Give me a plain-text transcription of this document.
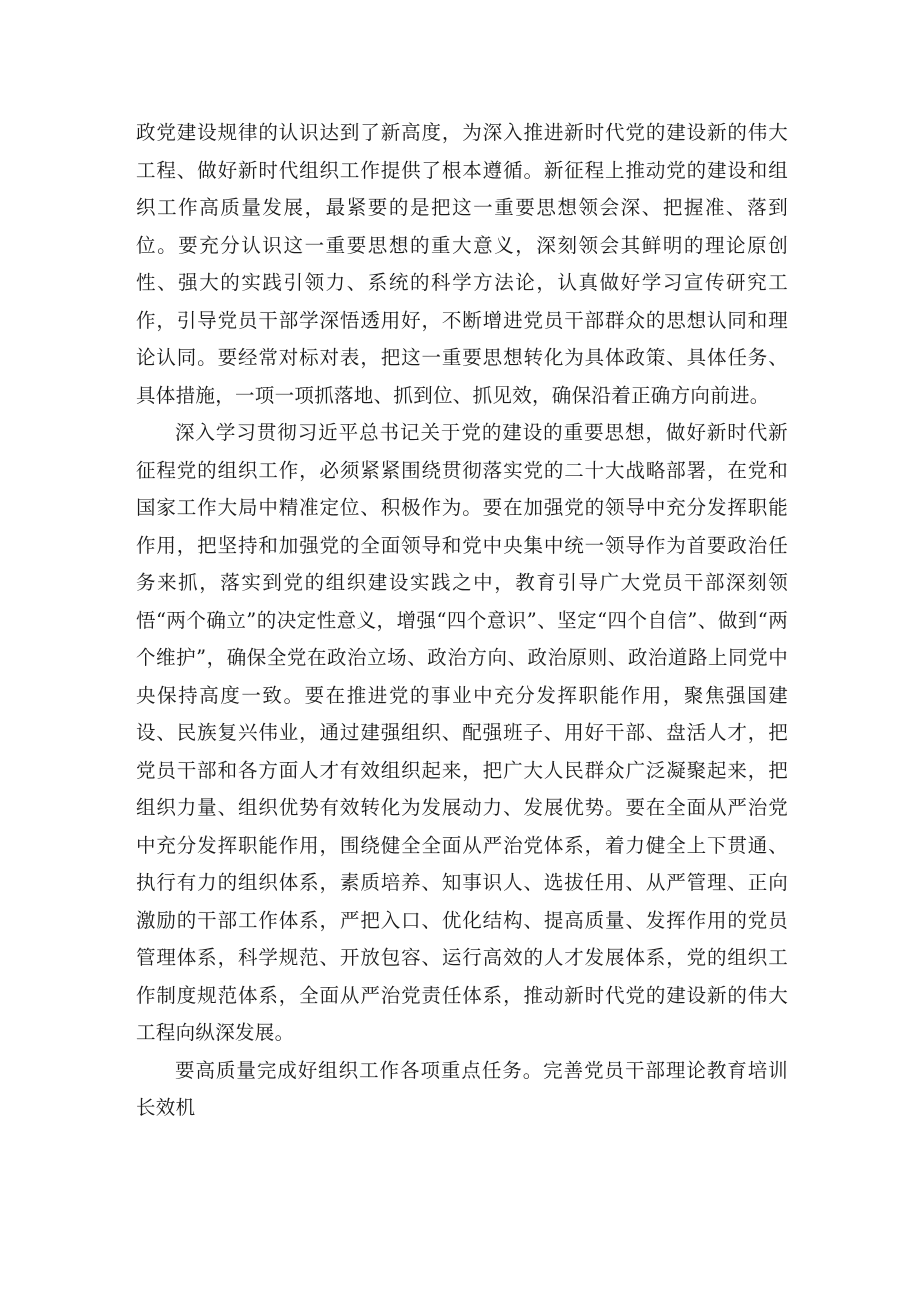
政党建设规律的认识达到了新高度，为深入推进新时代党的建设新的伟大工程、做好新时代组织工作提供了根本遵循。新征程上推动党的建设和组织工作高质量发展，最紧要的是把这一重要思想领会深、把握准、落到位。要充分认识这一重要思想的重大意义，深刻领会其鲜明的理论原创性、强大的实践引领力、系统的科学方法论，认真做好学习宣传研究工作，引导党员干部学深悟透用好，不断增进党员干部群众的思想认同和理论认同。要经常对标对表，把这一重要思想转化为具体政策、具体任务、具体措施，一项一项抓落地、抓到位、抓见效，确保沿着正确方向前进。

深入学习贯彻习近平总书记关于党的建设的重要思想，做好新时代新征程党的组织工作，必须紧紧围绕贯彻落实党的二十大战略部署，在党和国家工作大局中精准定位、积极作为。要在加强党的领导中充分发挥职能作用，把坚持和加强党的全面领导和党中央集中统一领导作为首要政治任务来抓，落实到党的组织建设实践之中，教育引导广大党员干部深刻领悟“两个确立”的决定性意义，增强“四个意识”、坚定“四个自信”、做到“两个维护”，确保全党在政治立场、政治方向、政治原则、政治道路上同党中央保持高度一致。要在推进党的事业中充分发挥职能作用，聚焦强国建设、民族复兴伟业，通过建强组织、配强班子、用好干部、盘活人才，把党员干部和各方面人才有效组织起来，把广大人民群众广泛凝聚起来，把组织力量、组织优势有效转化为发展动力、发展优势。要在全面从严治党中充分发挥职能作用，围绕健全全面从严治党体系，着力健全上下贯通、执行有力的组织体系，素质培养、知事识人、选拔任用、从严管理、正向激励的干部工作体系，严把入口、优化结构、提高质量、发挥作用的党员管理体系，科学规范、开放包容、运行高效的人才发展体系，党的组织工作制度规范体系，全面从严治党责任体系，推动新时代党的建设新的伟大工程向纵深发展。

要高质量完成好组织工作各项重点任务。完善党员干部理论教育培训长效机
